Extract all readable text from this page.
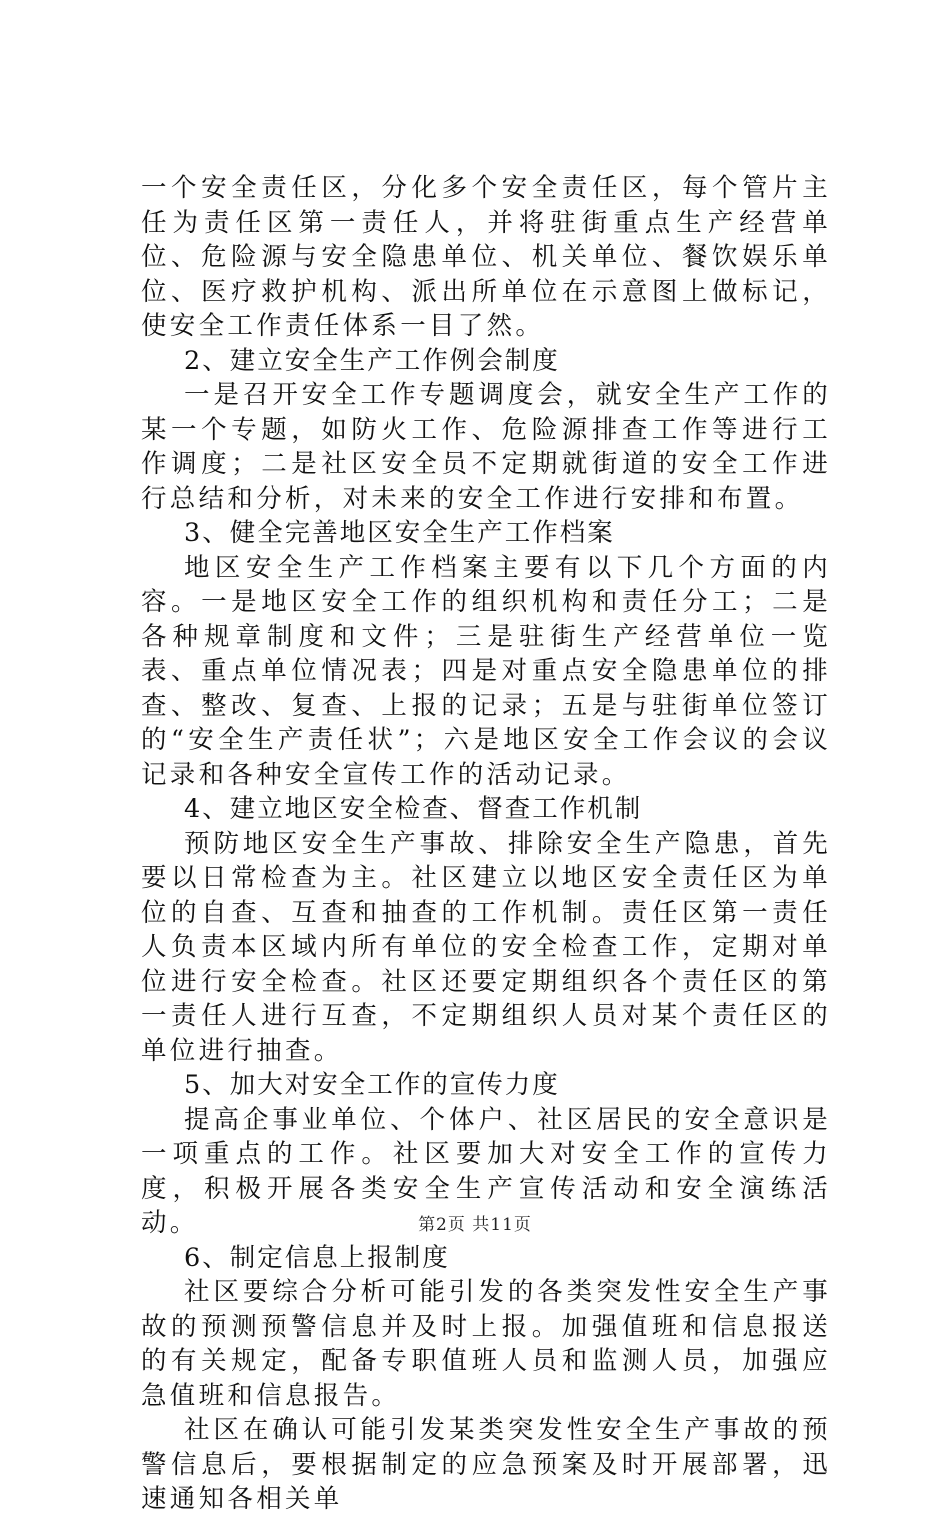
一个安全责任区，分化多个安全责任区，每个管片主任为责任区第一责任人，并将驻街重点生产经营单位、危险源与安全隐患单位、机关单位、餐饮娱乐单位、医疗救护机构、派出所单位在示意图上做标记，使安全工作责任体系一目了然。

2、建立安全生产工作例会制度

一是召开安全工作专题调度会，就安全生产工作的某一个专题，如防火工作、危险源排查工作等进行工作调度；二是社区安全员不定期就街道的安全工作进行总结和分析，对未来的安全工作进行安排和布置。

3、健全完善地区安全生产工作档案

地区安全生产工作档案主要有以下几个方面的内容。一是地区安全工作的组织机构和责任分工；二是各种规章制度和文件；三是驻街生产经营单位一览表、重点单位情况表；四是对重点安全隐患单位的排查、整改、复查、上报的记录；五是与驻街单位签订的“安全生产责任状”；六是地区安全工作会议的会议记录和各种安全宣传工作的活动记录。

4、建立地区安全检查、督查工作机制

预防地区安全生产事故、排除安全生产隐患，首先要以日常检查为主。社区建立以地区安全责任区为单位的自查、互查和抽查的工作机制。责任区第一责任人负责本区域内所有单位的安全检查工作，定期对单位进行安全检查。社区还要定期组织各个责任区的第一责任人进行互查，不定期组织人员对某个责任区的单位进行抽查。

5、加大对安全工作的宣传力度

提高企事业单位、个体户、社区居民的安全意识是一项重点的工作。社区要加大对安全工作的宣传力度，积极开展各类安全生产宣传活动和安全演练活动。

6、制定信息上报制度

社区要综合分析可能引发的各类突发性安全生产事故的预测预警信息并及时上报。加强值班和信息报送的有关规定，配备专职值班人员和监测人员，加强应急值班和信息报告。

社区在确认可能引发某类突发性安全生产事故的预警信息后，要根据制定的应急预案及时开展部署，迅速通知各相关单

第2页 共11页
